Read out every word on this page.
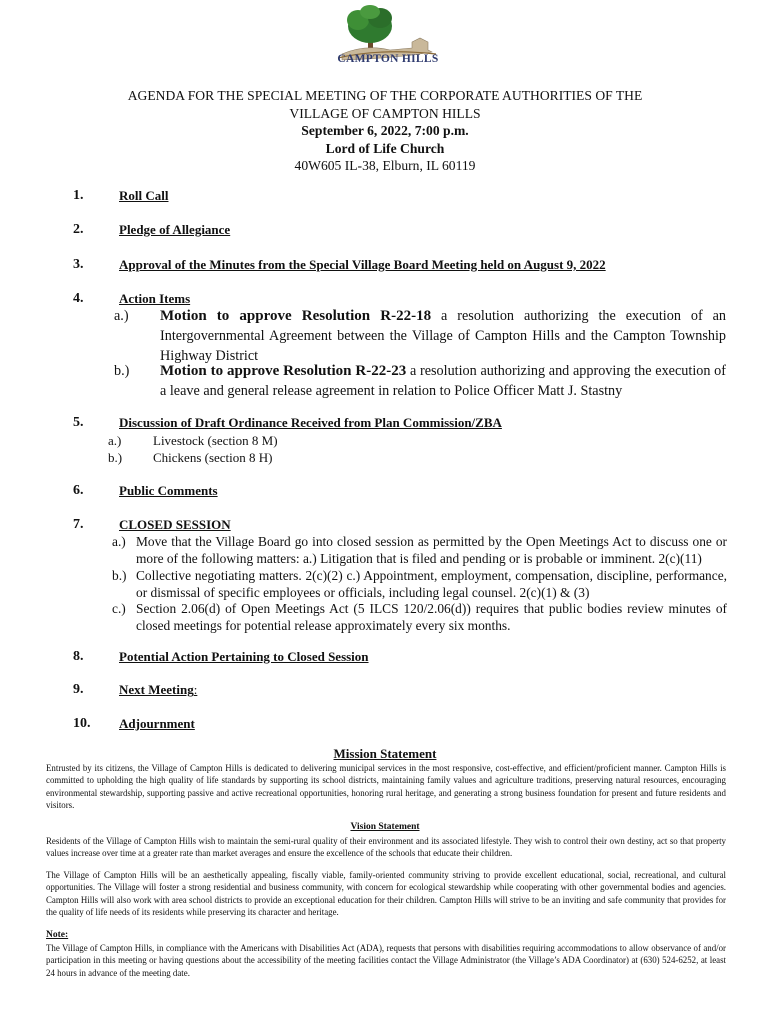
CAMPTON HILLS
AGENDA FOR THE SPECIAL MEETING OF THE CORPORATE AUTHORITIES OF THE
VILLAGE OF CAMPTON HILLS
September 6, 2022, 7:00 p.m.
Lord of Life Church
40W605 IL-38, Elburn, IL 60119
1.	Roll Call
2.	Pledge of Allegiance
3.	Approval of the Minutes from the Special Village Board Meeting held on August 9, 2022
4.	Action Items
a.) Motion to approve Resolution R-22-18 a resolution authorizing the execution of an Intergovernmental Agreement between the Village of Campton Hills and the Campton Township Highway District
b.) Motion to approve Resolution R-22-23 a resolution authorizing and approving the execution of a leave and general release agreement in relation to Police Officer Matt J. Stastny
5.	Discussion of Draft Ordinance Received from Plan Commission/ZBA
a.) Livestock (section 8 M)
b.) Chickens (section 8 H)
6.	Public Comments
7.	CLOSED SESSION
a.) Move that the Village Board go into closed session as permitted by the Open Meetings Act to discuss one or more of the following matters: a.) Litigation that is filed and pending or is probable or imminent. 2(c)(11)
b.) Collective negotiating matters. 2(c)(2) c.) Appointment, employment, compensation, discipline, performance, or dismissal of specific employees or officials, including legal counsel. 2(c)(1) & (3)
c.) Section 2.06(d) of Open Meetings Act (5 ILCS 120/2.06(d)) requires that public bodies review minutes of closed meetings for potential release approximately every six months.
8.	Potential Action Pertaining to Closed Session
9.	Next Meeting:
10. Adjournment
Mission Statement
Entrusted by its citizens, the Village of Campton Hills is dedicated to delivering municipal services in the most responsive, cost-effective, and efficient/proficient manner. Campton Hills is committed to upholding the high quality of life standards by supporting its school districts, maintaining family values and agriculture traditions, preserving natural resources, encouraging environmental stewardship, supporting passive and active recreational opportunities, honoring rural heritage, and generating a strong business foundation for present and future residents and visitors.
Vision Statement
Residents of the Village of Campton Hills wish to maintain the semi-rural quality of their environment and its associated lifestyle. They wish to control their own destiny, act so that property values increase over time at a greater rate than market averages and ensure the excellence of the schools that educate their children.
The Village of Campton Hills will be an aesthetically appealing, fiscally viable, family-oriented community striving to provide excellent educational, social, recreational, and cultural opportunities. The Village will foster a strong residential and business community, with concern for ecological stewardship while cooperating with other governmental bodies and agencies. Campton Hills will also work with area school districts to provide an exceptional education for their children. Campton Hills will strive to be an inviting and safe community that provides for the quality of life needs of its residents while preserving its character and heritage.
Note:
The Village of Campton Hills, in compliance with the Americans with Disabilities Act (ADA), requests that persons with disabilities requiring accommodations to allow observance of and/or participation in this meeting or having questions about the accessibility of the meeting facilities contact the Village Administrator (the Village’s ADA Coordinator) at (630) 524-6252, at least 24 hours in advance of the meeting date.
